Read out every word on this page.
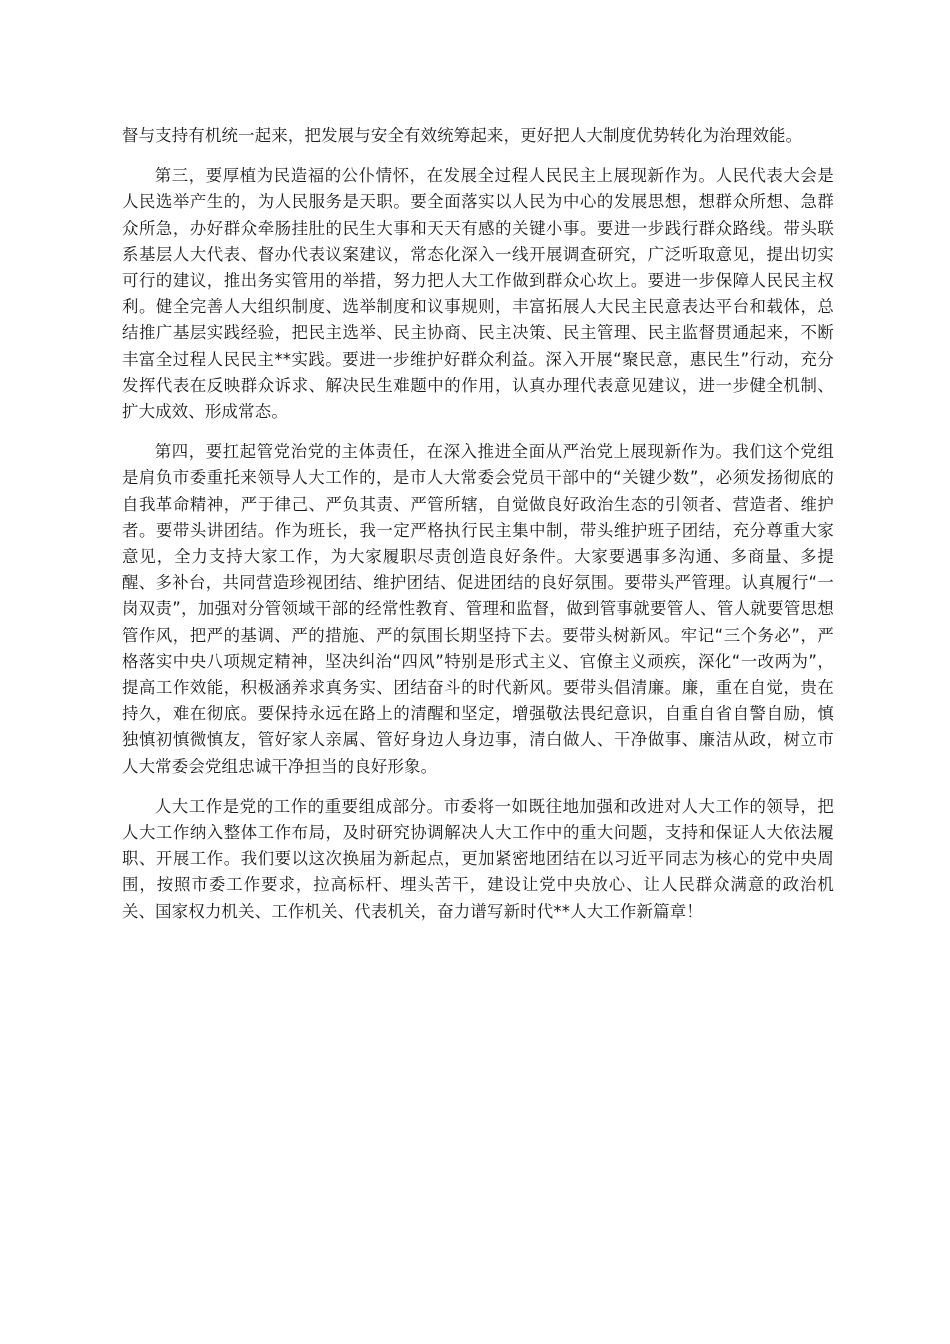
督与支持有机统一起来，把发展与安全有效统筹起来，更好把人大制度优势转化为治理效能。

第三，要厚植为民造福的公仆情怀，在发展全过程人民民主上展现新作为。人民代表大会是人民选举产生的，为人民服务是天职。要全面落实以人民为中心的发展思想，想群众所想、急群众所急，办好群众牵肠挂肚的民生大事和天天有感的关键小事。要进一步践行群众路线。带头联系基层人大代表、督办代表议案建议，常态化深入一线开展调查研究，广泛听取意见，提出切实可行的建议，推出务实管用的举措，努力把人大工作做到群众心坎上。要进一步保障人民民主权利。健全完善人大组织制度、选举制度和议事规则，丰富拓展人大民主民意表达平台和载体，总结推广基层实践经验，把民主选举、民主协商、民主决策、民主管理、民主监督贯通起来，不断丰富全过程人民民主**实践。要进一步维护好群众利益。深入开展“聚民意，惠民生”行动，充分发挥代表在反映群众诉求、解决民生难题中的作用，认真办理代表意见建议，进一步健全机制、扩大成效、形成常态。

第四，要扛起管党治党的主体责任，在深入推进全面从严治党上展现新作为。我们这个党组是肩负市委重托来领导人大工作的，是市人大常委会党员干部中的“关键少数”，必须发扬彻底的自我革命精神，严于律己、严负其责、严管所辖，自觉做良好政治生态的引领者、营造者、维护者。要带头讲团结。作为班长，我一定严格执行民主集中制，带头维护班子团结，充分尊重大家意见，全力支持大家工作，为大家履职尽责创造良好条件。大家要遇事多沟通、多商量、多提醒、多补台，共同营造珍视团结、维护团结、促进团结的良好氛围。要带头严管理。认真履行“一岗双责”，加强对分管领域干部的经常性教育、管理和监督，做到管事就要管人、管人就要管思想管作风，把严的基调、严的措施、严的氛围长期坚持下去。要带头树新风。牢记“三个务必”，严格落实中央八项规定精神，坚决纠治“四风”特别是形式主义、官僚主义顽疾，深化“一改两为”，提高工作效能，积极涵养求真务实、团结奋斗的时代新风。要带头倡清廉。廉，重在自觉，贵在持久，难在彻底。要保持永远在路上的清醒和坚定，增强敬法畏纪意识，自重自省自警自励，慎独慎初慎微慎友，管好家人亲属、管好身边人身边事，清白做人、干净做事、廉洁从政，树立市人大常委会党组忠诚干净担当的良好形象。

人大工作是党的工作的重要组成部分。市委将一如既往地加强和改进对人大工作的领导，把人大工作纳入整体工作布局，及时研究协调解决人大工作中的重大问题，支持和保证人大依法履职、开展工作。我们要以这次换届为新起点，更加紧密地团结在以习近平同志为核心的党中央周围，按照市委工作要求，拉高标杆、埋头苦干，建设让党中央放心、让人民群众满意的政治机关、国家权力机关、工作机关、代表机关，奋力谱写新时代**人大工作新篇章！
